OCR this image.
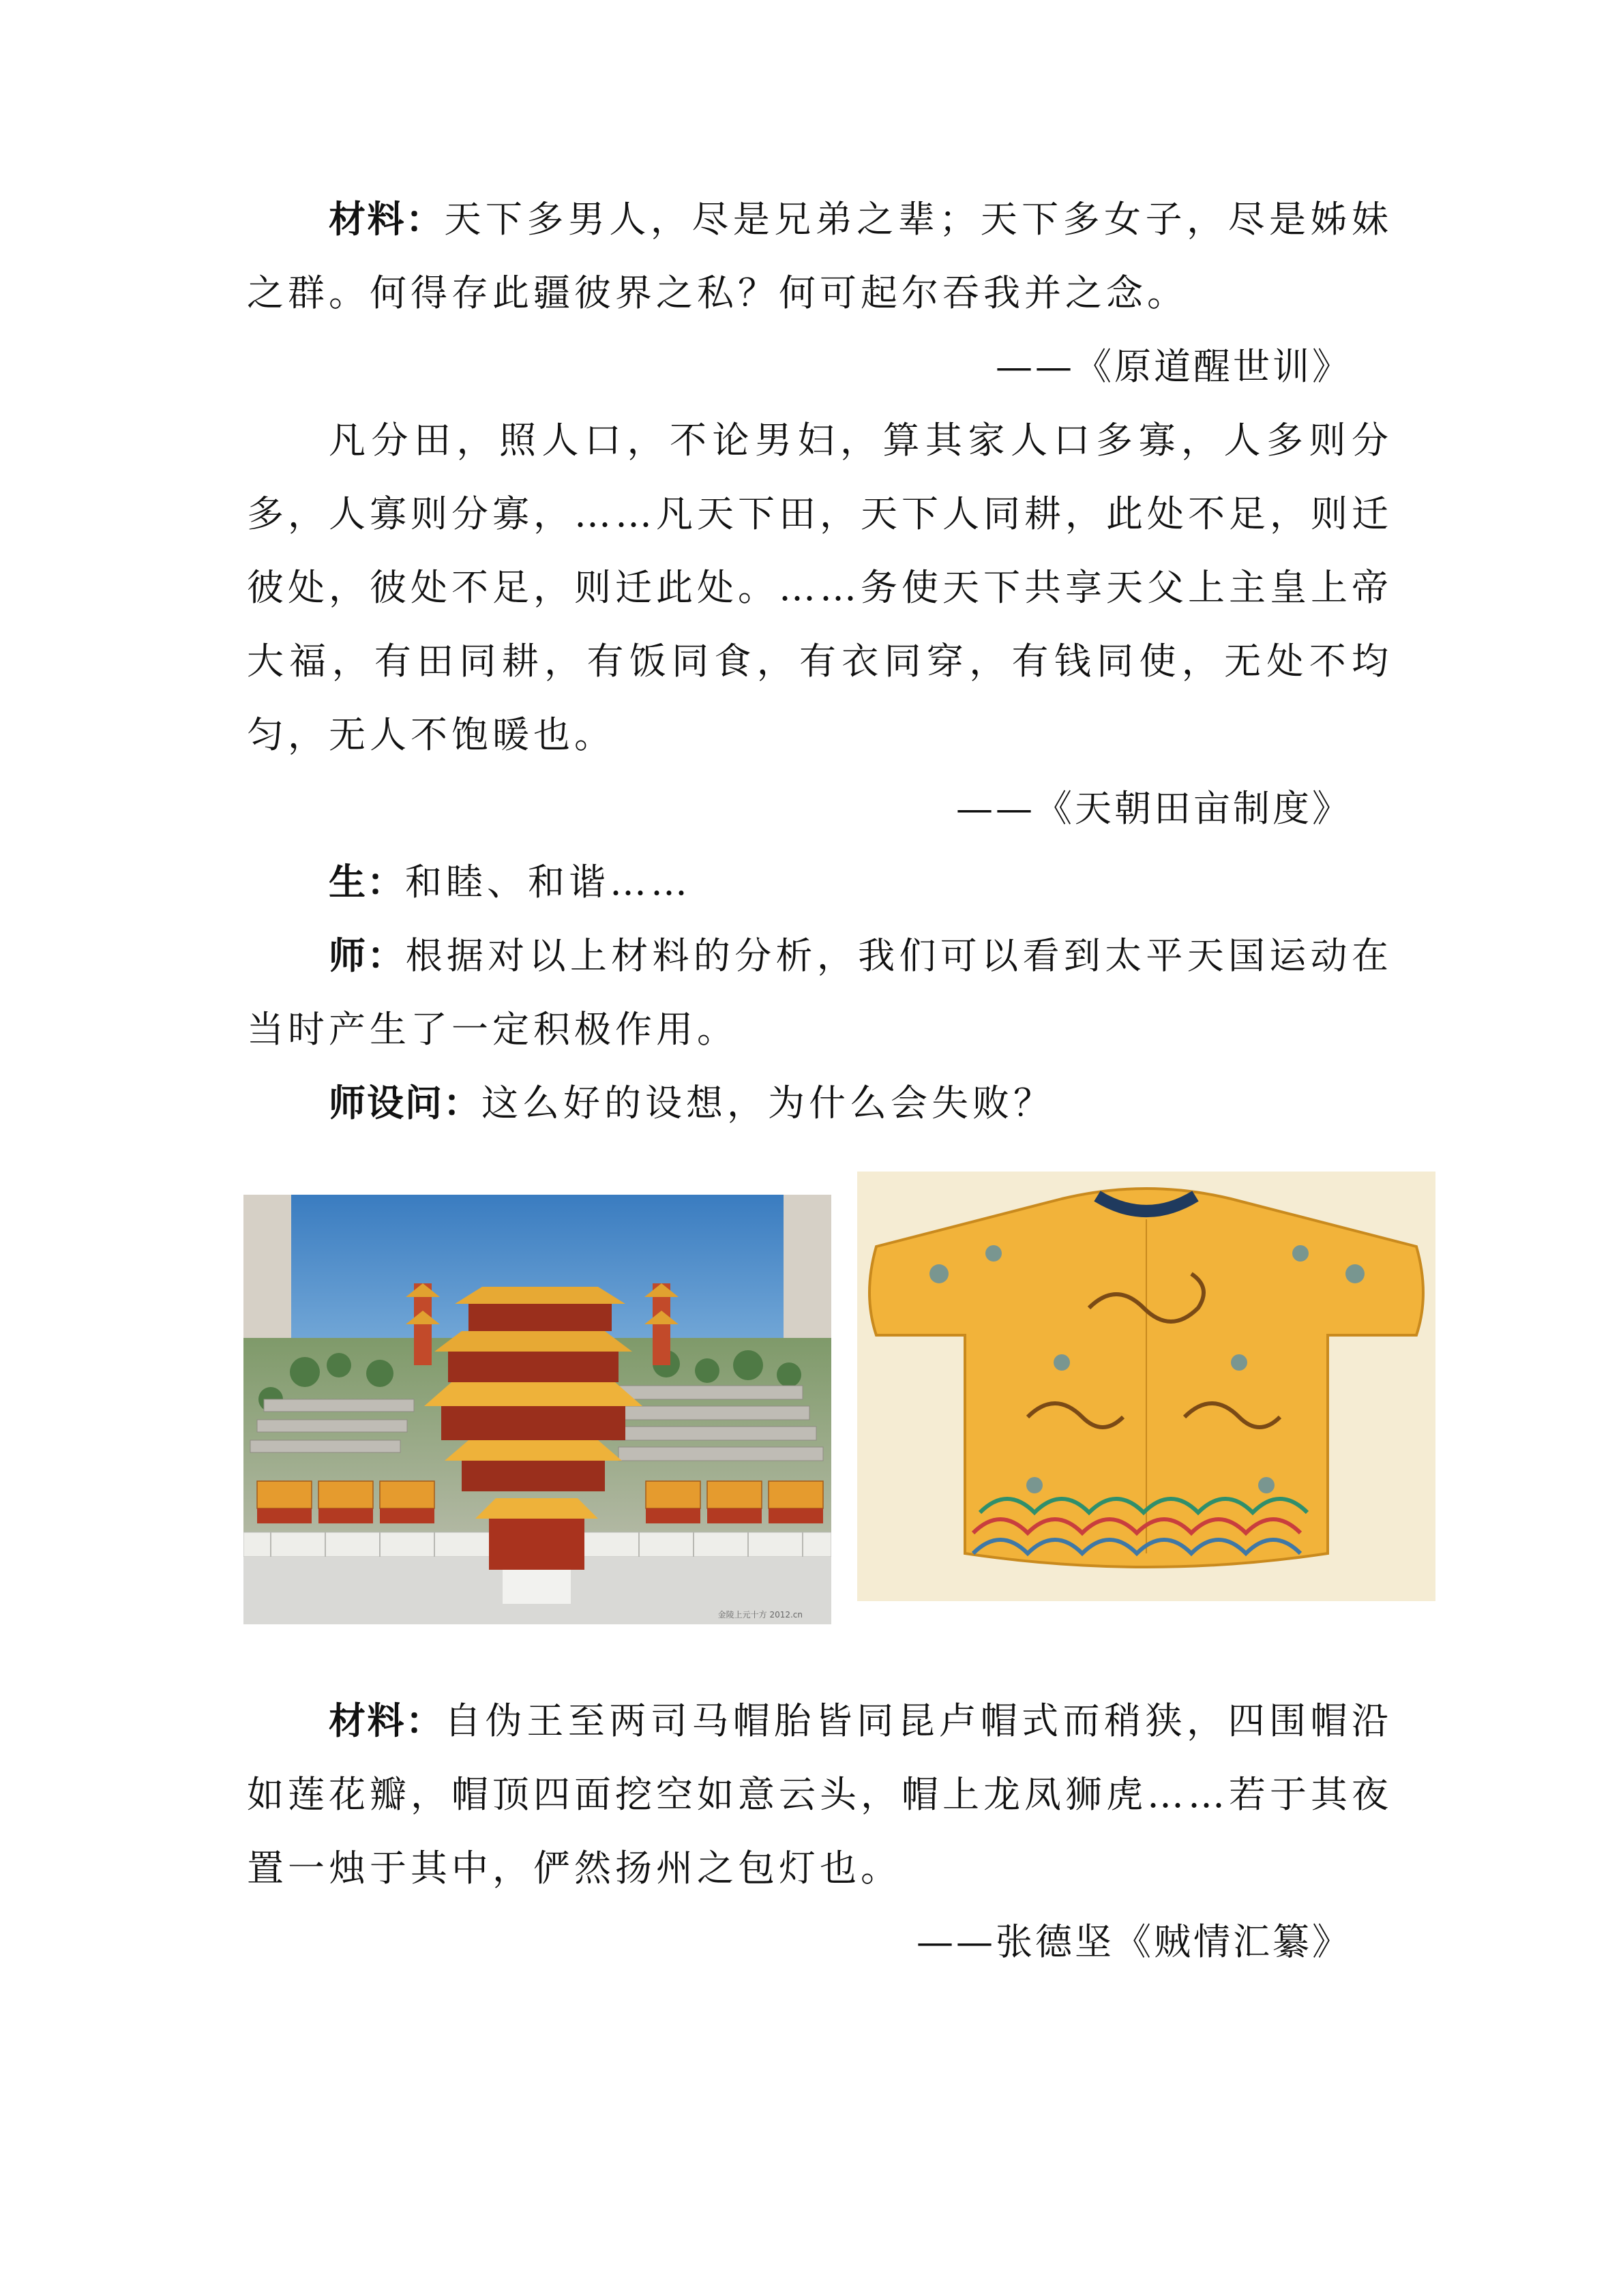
材料：天下多男人，尽是兄弟之辈；天下多女子，尽是姊妹之群。何得存此疆彼界之私？何可起尔吞我并之念。

——《原道醒世训》

凡分田，照人口，不论男妇，算其家人口多寡，人多则分多，人寡则分寡，……凡天下田，天下人同耕，此处不足，则迁彼处，彼处不足，则迁此处。……务使天下共享天父上主皇上帝大福，有田同耕，有饭同食，有衣同穿，有钱同使，无处不均匀，无人不饱暖也。

——《天朝田亩制度》

生：和睦、和谐……

师：根据对以上材料的分析，我们可以看到太平天国运动在当时产生了一定积极作用。

师设问：这么好的设想，为什么会失败？

金陵上元十方 2012.cn

材料：自伪王至两司马帽胎皆同昆卢帽式而稍狭，四围帽沿如莲花瓣，帽顶四面挖空如意云头，帽上龙凤狮虎……若于其夜置一烛于其中，俨然扬州之包灯也。

——张德坚《贼情汇纂》
